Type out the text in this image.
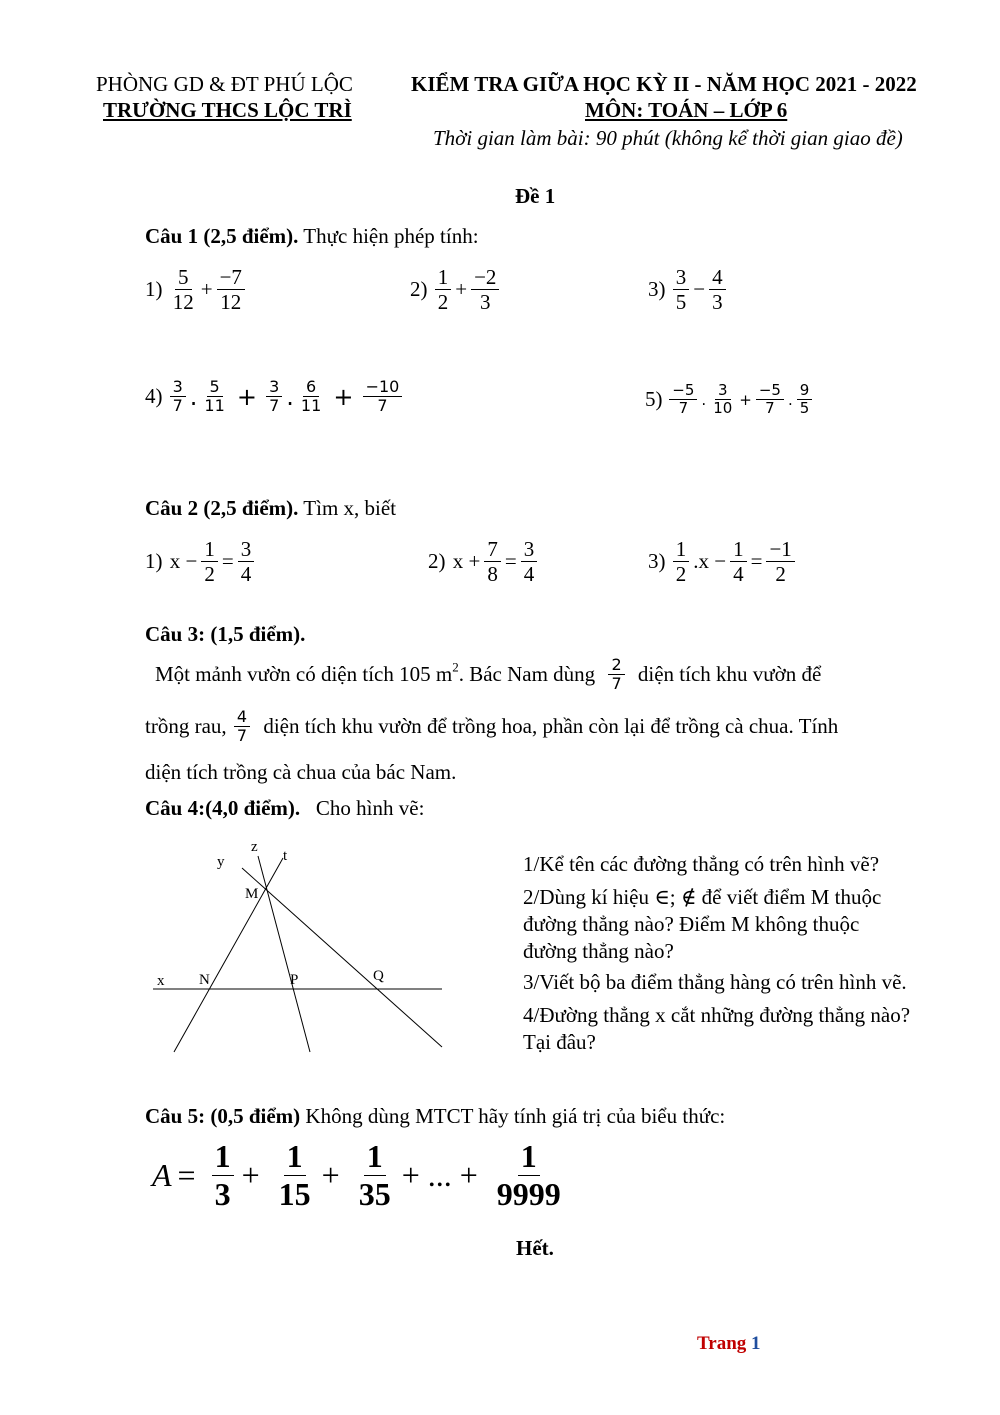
PHÒNG GD & ĐT PHÚ LỘC
TRƯỜNG THCS LỘC TRÌ
KIỂM TRA GIỮA HỌC KỲ II - NĂM HỌC 2021 - 2022
MÔN: TOÁN – LỚP 6
Thời gian làm bài: 90 phút (không kể thời gian giao đề)
Đề 1
Câu 1 (2,5 điểm). Thực hiện phép tính:
$1) \frac{5}{12} + \frac{-7}{12}$	$2) \frac{1}{2} + \frac{-2}{3}$	$3) \frac{3}{5} - \frac{4}{3}$
$4) \frac{3}{7}$ . $\frac{5}{11} + \frac{3}{7}$ . $\frac{6}{11} + \frac{-10}{7}$	$5) \frac{-5}{7}$ . $\frac{3}{10} + \frac{-5}{7}$ . $\frac{9}{5}$
Câu 2 (2,5 điểm). Tìm x, biết
1) $x - \frac{1}{2} = \frac{3}{4}$	2) $x + \frac{7}{8} = \frac{3}{4}$	$3) \frac{1}{2} .x - \frac{1}{4} = \frac{-1}{2}$
Câu 3: (1,5 điểm).
Một mảnh vườn có diện tích 105 $m^2$. Bác Nam dùng $\frac{2}{7}$ diện tích khu vườn để
trồng rau, $\frac{4}{7}$ diện tích khu vườn để trồng hoa, phần còn lại để trồng cà chua. Tính
diện tích trồng cà chua của bác Nam.
Câu 4:(4,0 điểm). Cho hình vẽ:
y
z
t
M
x N	P	Q
1/Kể tên các đường thẳng có trên hình vẽ?
2/Dùng kí hiệu ∈; ∉ để viết điểm M thuộc
đường thẳng nào? Điểm M không thuộc
đường thẳng nào?
3/Viết bộ ba điểm thẳng hàng có trên hình vẽ.
4/Đường thẳng x cắt những đường thẳng nào?
Tại đâu?
Câu 5: (0,5 điểm) Không dùng MTCT hãy tính giá trị của biểu thức:
$A = \frac{1}{3} + \frac{1}{15} + \frac{1}{35}$ + ... + $\frac{1}{9999}$
Hết.
Trang 1
